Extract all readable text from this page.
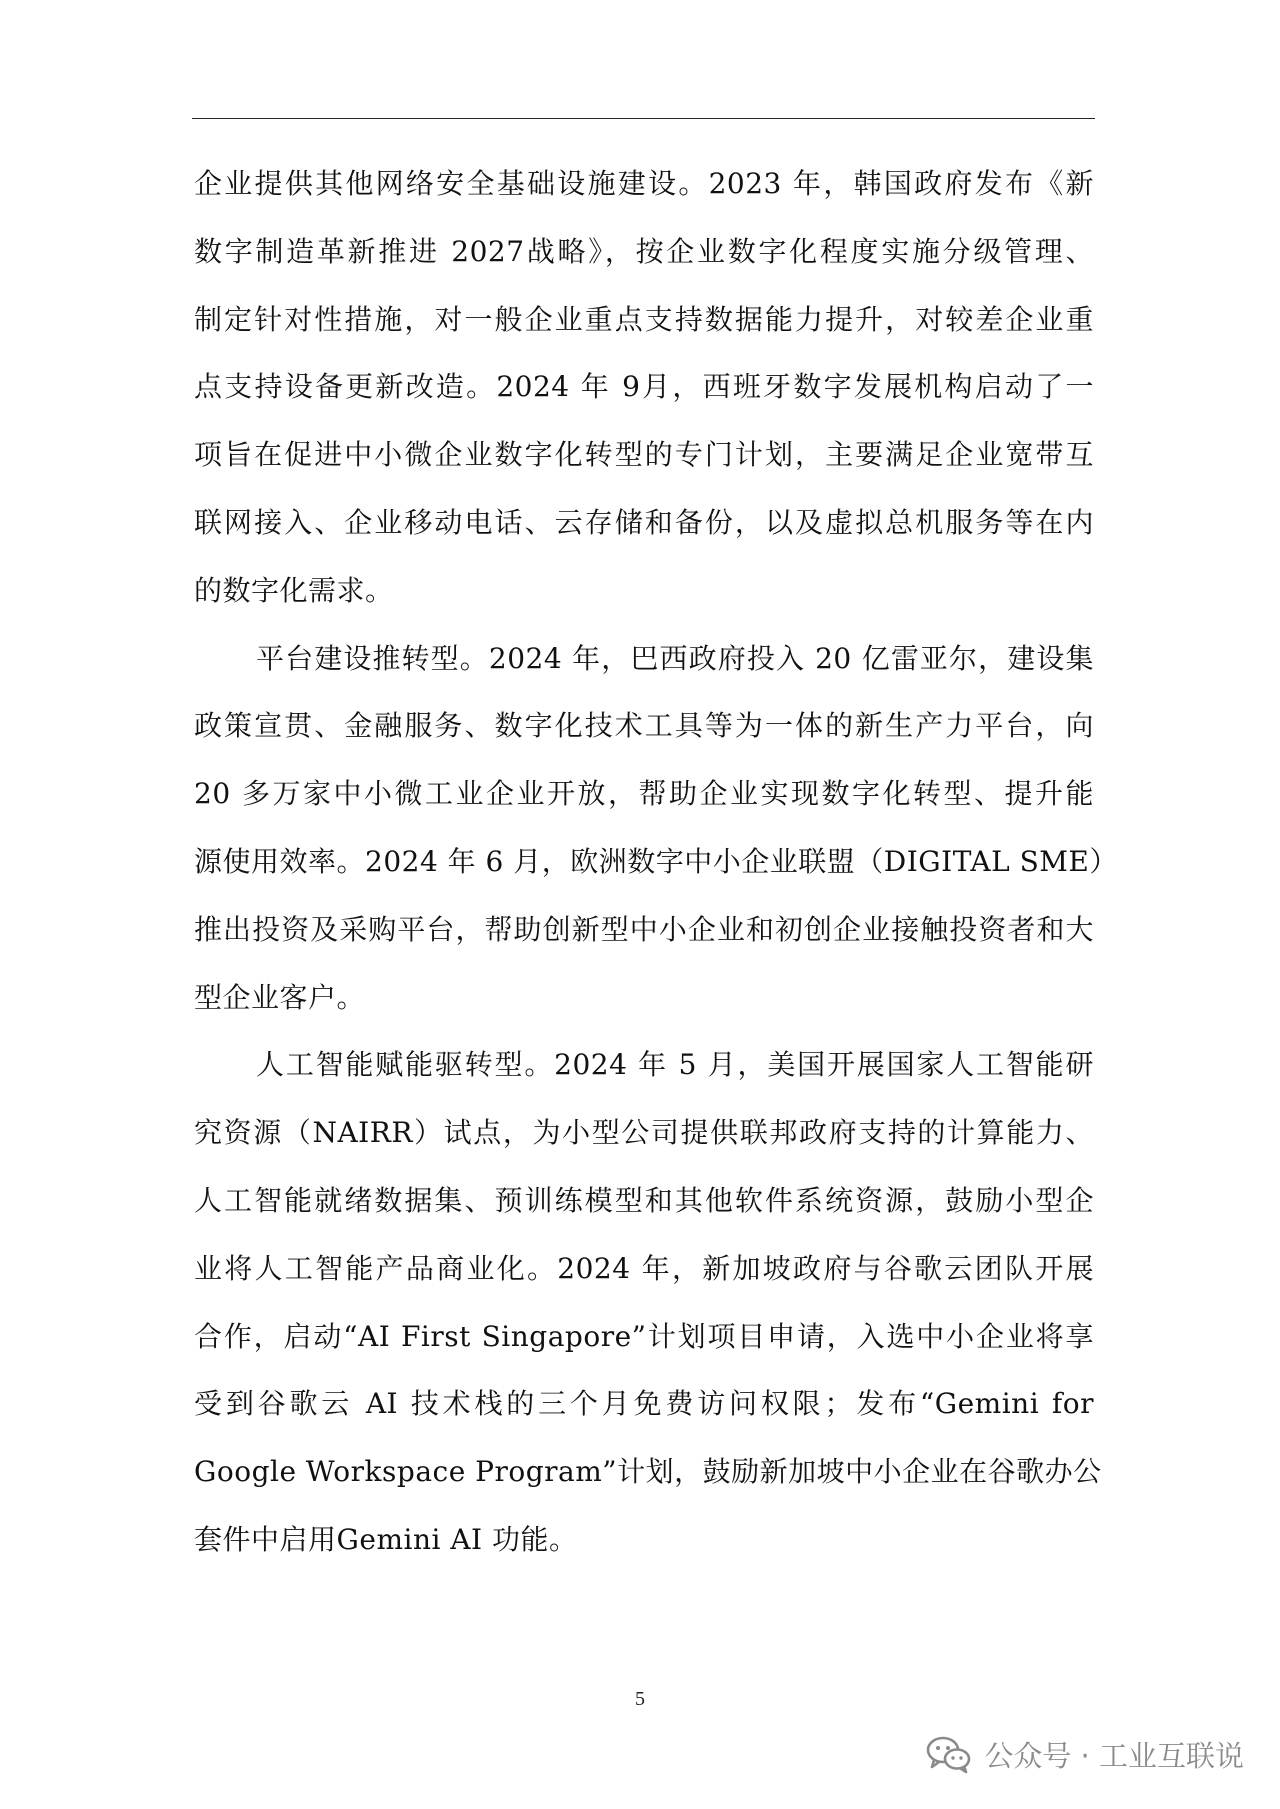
企业提供其他网络安全基础设施建设。2023 年，韩国政府发布《新

数字制造革新推进 2027战略》，按企业数字化程度实施分级管理、

制定针对性措施，对一般企业重点支持数据能力提升，对较差企业重

点支持设备更新改造。2024 年 9月，西班牙数字发展机构启动了一

项旨在促进中小微企业数字化转型的专门计划，主要满足企业宽带互

联网接入、企业移动电话、云存储和备份，以及虚拟总机服务等在内

的数字化需求。

平台建设推转型。2024 年，巴西政府投入 20 亿雷亚尔，建设集

政策宣贯、金融服务、数字化技术工具等为一体的新生产力平台，向

20 多万家中小微工业企业开放，帮助企业实现数字化转型、提升能

源使用效率。2024 年 6 月，欧洲数字中小企业联盟（DIGITAL SME）

推出投资及采购平台，帮助创新型中小企业和初创企业接触投资者和大

型企业客户。

人工智能赋能驱转型。2024 年 5 月，美国开展国家人工智能研

究资源（NAIRR）试点，为小型公司提供联邦政府支持的计算能力、

人工智能就绪数据集、预训练模型和其他软件系统资源，鼓励小型企

业将人工智能产品商业化。2024 年，新加坡政府与谷歌云团队开展

合作，启动“AI First Singapore”计划项目申请，入选中小企业将享

受到谷歌云 AI 技术栈的三个月免费访问权限；发布“Gemini for

Google Workspace Program”计划，鼓励新加坡中小企业在谷歌办公

套件中启用Gemini AI 功能。

5
公众号 · 工业互联说
